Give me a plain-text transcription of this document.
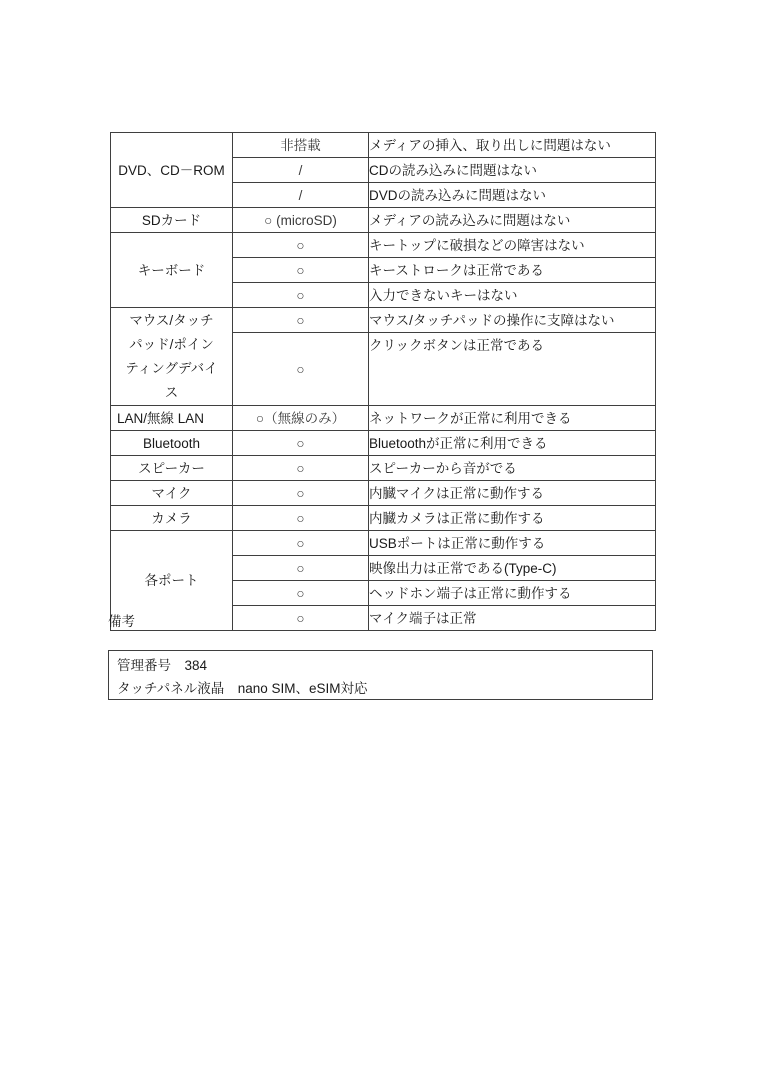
DVD、CD－ROM	非搭載	メディアの挿入、取り出しに問題はない
	/	CDの読み込みに問題はない
	/	DVDの読み込みに問題はない
SDカード	○ (microSD)	メディアの読み込みに問題はない
キーボード	○	キートップに破損などの障害はない
	○	キーストロークは正常である
	○	入力できないキーはない
マウス/タッチパッド/ポインティングデバイス	○	マウス/タッチパッドの操作に支障はない
	○	クリックボタンは正常である
LAN/無線 LAN	○（無線のみ）	ネットワークが正常に利用できる
Bluetooth	○	Bluetoothが正常に利用できる
スピーカー	○	スピーカーから音がでる
マイク	○	内臓マイクは正常に動作する
カメラ	○	内臓カメラは正常に動作する
各ポート	○	USBポートは正常に動作する
	○	映像出力は正常である(Type-C)
	○	ヘッドホン端子は正常に動作する
	○	マイク端子は正常
備考
管理番号　384
タッチパネル液晶　nano SIM、eSIM対応
